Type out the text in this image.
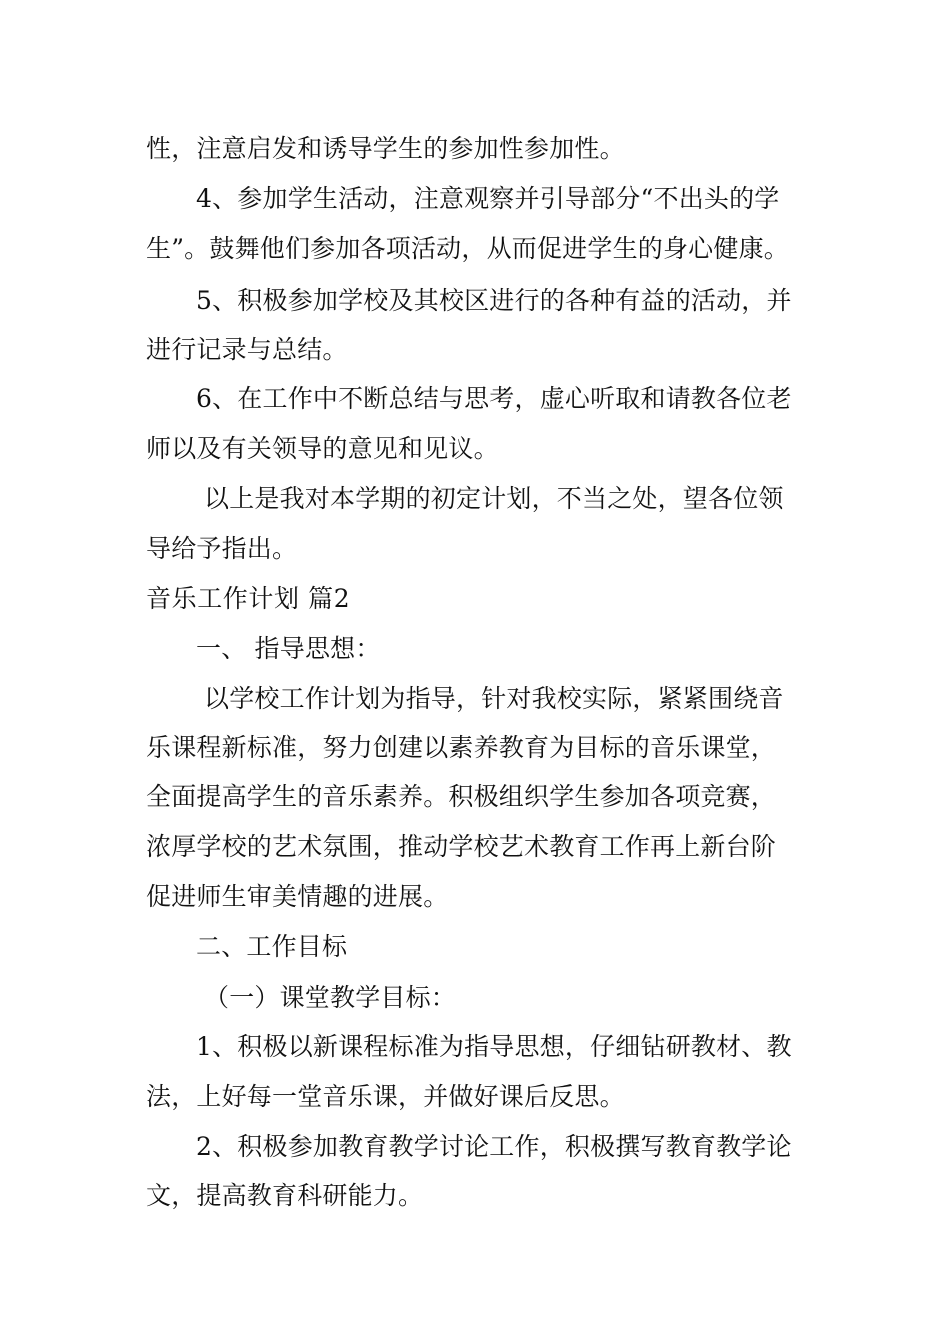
性，注意启发和诱导学生的参加性参加性。
4、参加学生活动，注意观察并引导部分“不出头的学
生”。鼓舞他们参加各项活动，从而促进学生的身心健康。
5、积极参加学校及其校区进行的各种有益的活动，并
进行记录与总结。
6、在工作中不断总结与思考，虚心听取和请教各位老
师以及有关领导的意见和见议。
以上是我对本学期的初定计划，不当之处，望各位领
导给予指出。
音乐工作计划 篇2
一、 指导思想：
以学校工作计划为指导，针对我校实际，紧紧围绕音
乐课程新标准，努力创建以素养教育为目标的音乐课堂，
全面提高学生的音乐素养。积极组织学生参加各项竞赛，
浓厚学校的艺术氛围，推动学校艺术教育工作再上新台阶
促进师生审美情趣的进展。
二、工作目标
（一）课堂教学目标：
1、积极以新课程标准为指导思想，仔细钻研教材、教
法，上好每一堂音乐课，并做好课后反思。
2、积极参加教育教学讨论工作，积极撰写教育教学论
文，提高教育科研能力。
